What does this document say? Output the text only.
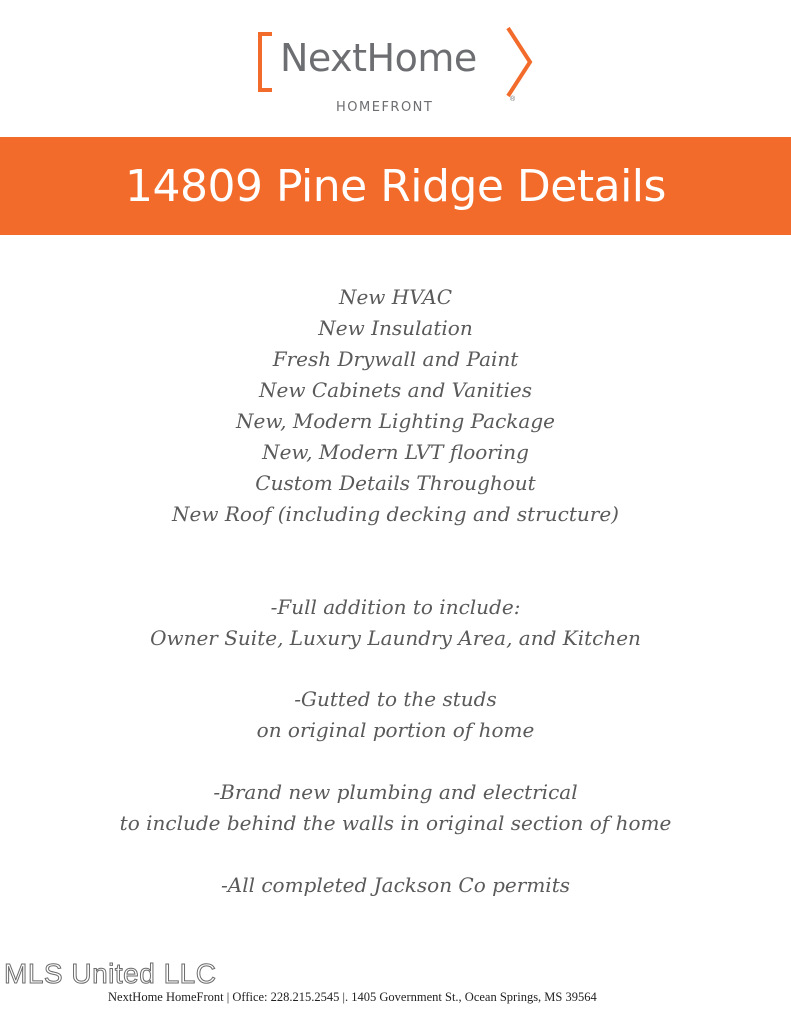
NextHome
HOMEFRONT
®
14809 Pine Ridge Details
New HVAC
New Insulation
Fresh Drywall and Paint
New Cabinets and Vanities
New, Modern Lighting Package
New, Modern LVT flooring
Custom Details Throughout
New Roof (including decking and structure)
-Full addition to include:
Owner Suite, Luxury Laundry Area, and Kitchen
-Gutted to the studs
on original portion of home
-Brand new plumbing and electrical
to include behind the walls in original section of home
-All completed Jackson Co permits
MLS United LLC
NextHome HomeFront | Office: 228.215.2545 |. 1405 Government St., Ocean Springs, MS 39564
